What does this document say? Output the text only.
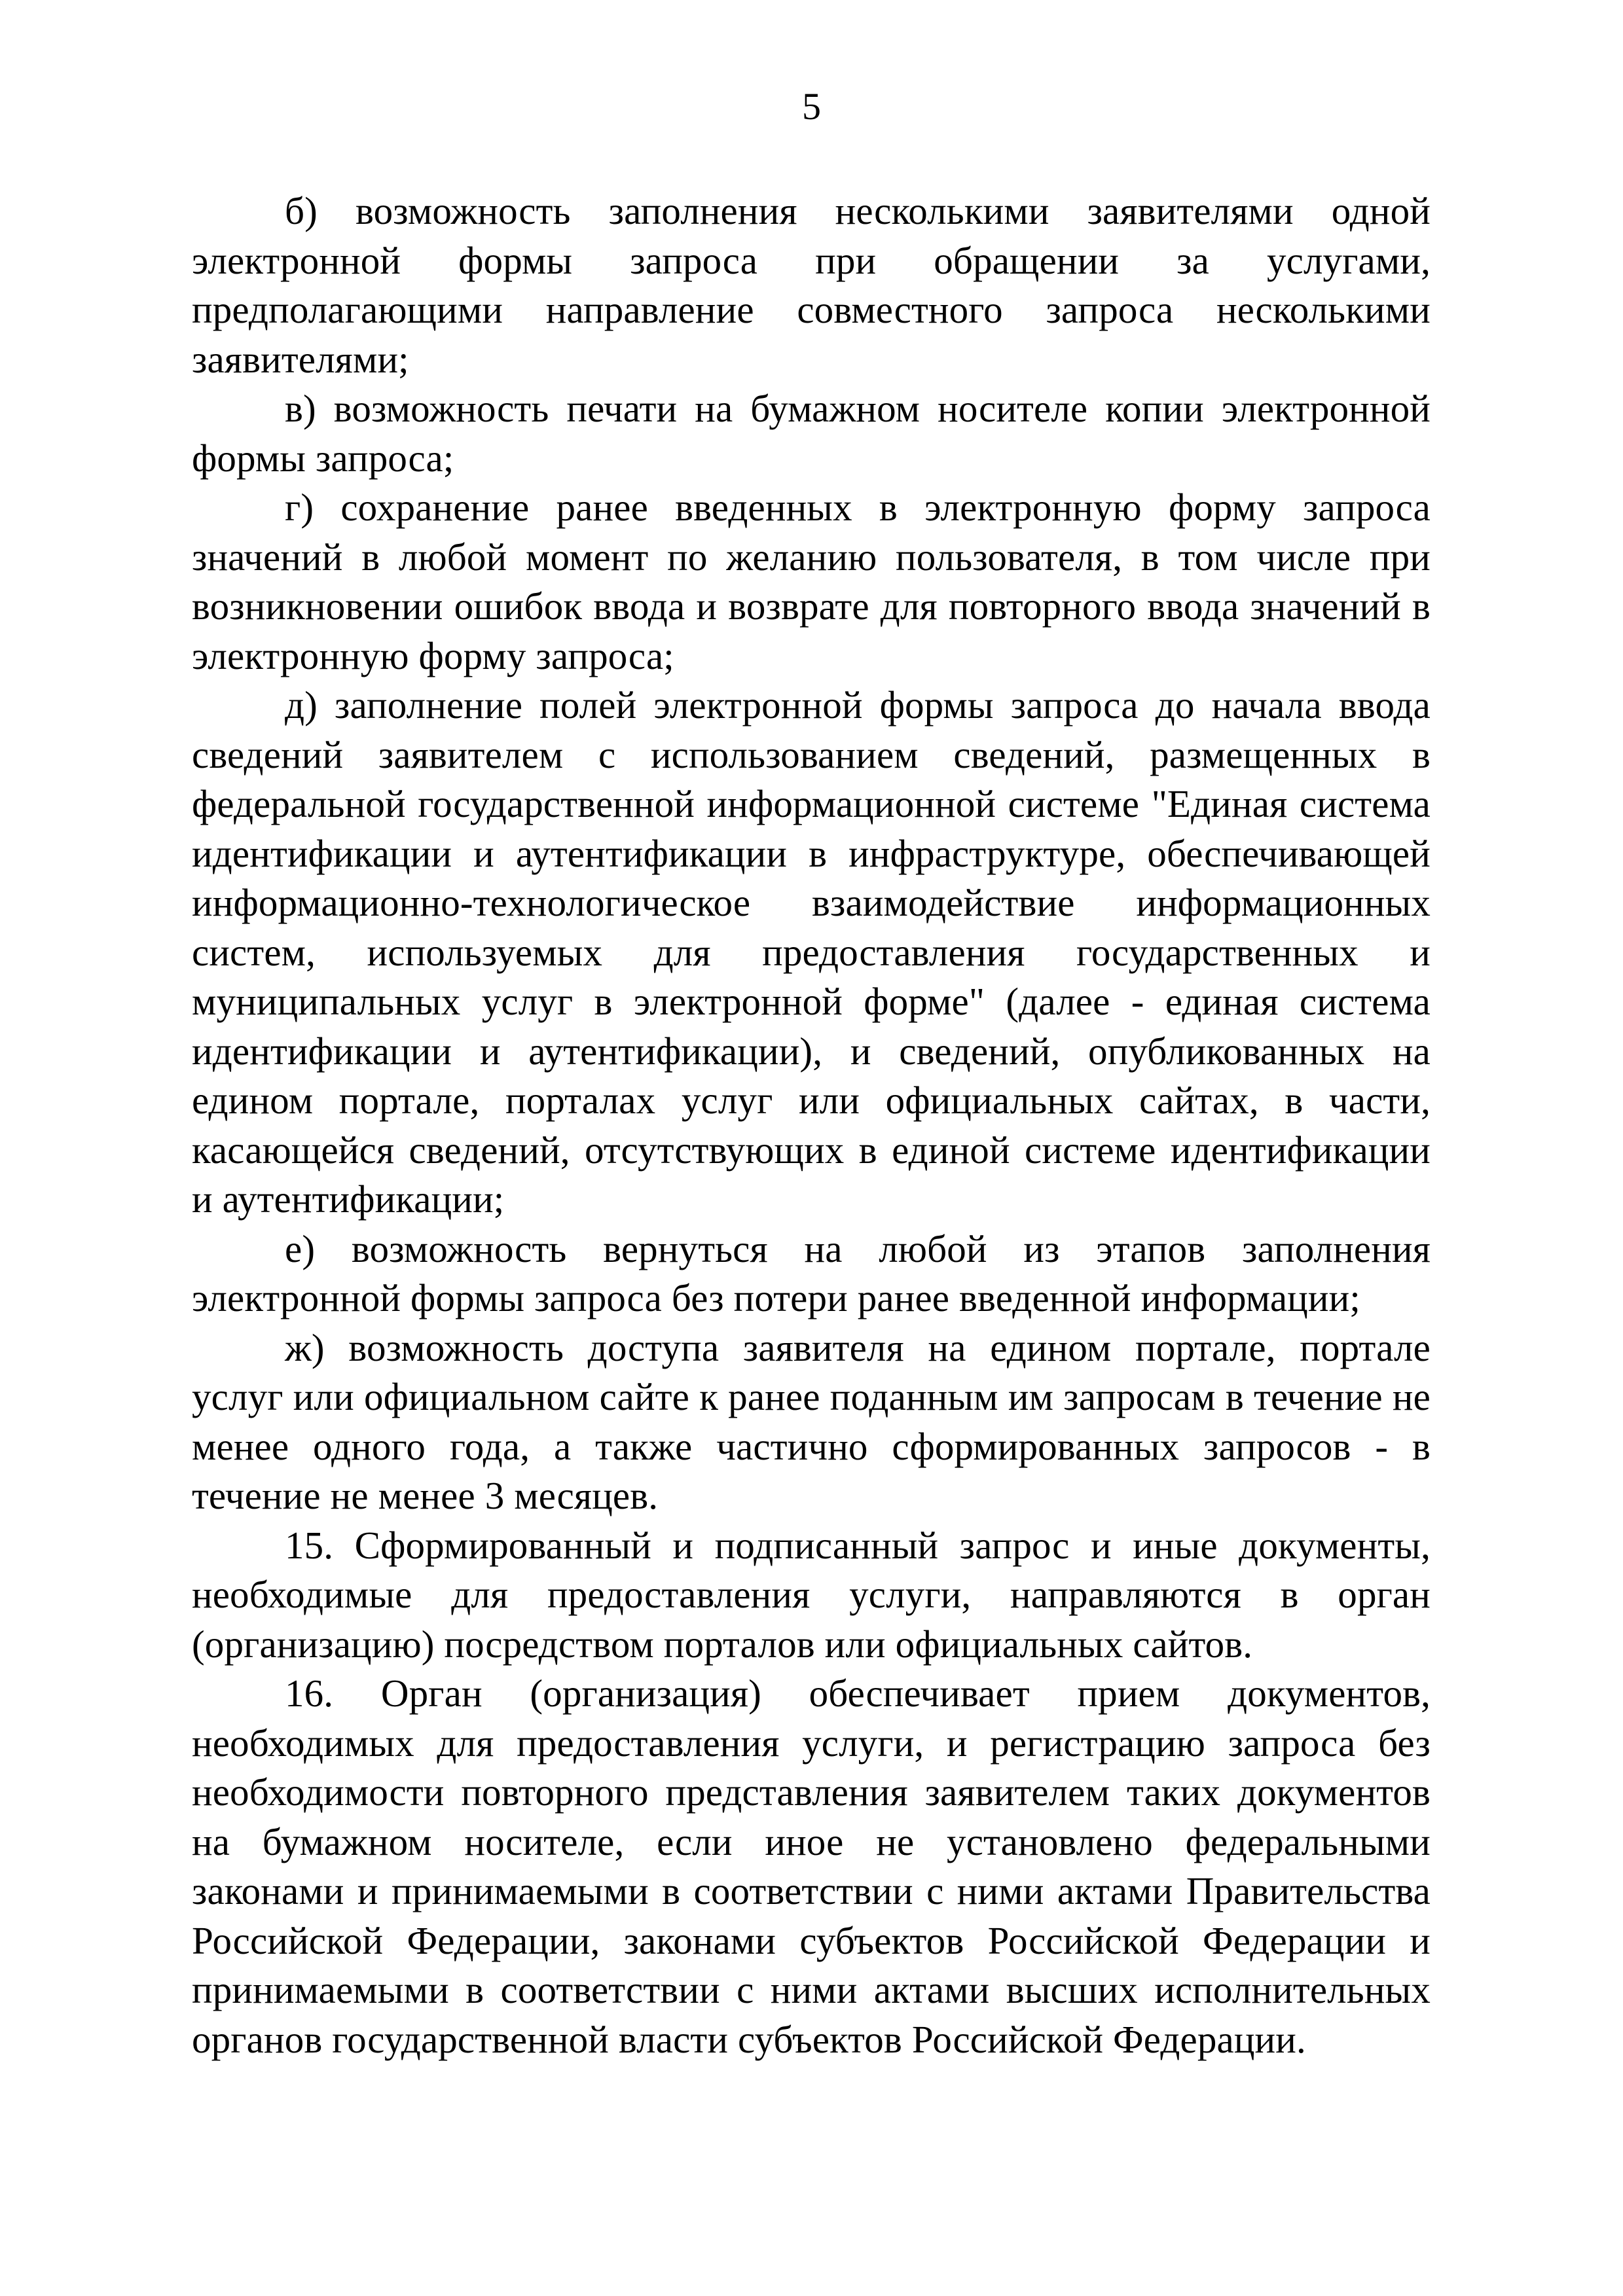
5

б) возможность заполнения несколькими заявителями одной электронной формы запроса при обращении за услугами, предполагающими направление совместного запроса несколькими заявителями;

в) возможность печати на бумажном носителе копии электронной формы запроса;

г) сохранение ранее введенных в электронную форму запроса значений в любой момент по желанию пользователя, в том числе при возникновении ошибок ввода и возврате для повторного ввода значений в электронную форму запроса;

д) заполнение полей электронной формы запроса до начала ввода сведений заявителем с использованием сведений, размещенных в федеральной государственной информационной системе "Единая система идентификации и аутентификации в инфраструктуре, обеспечивающей информационно-технологическое взаимодействие информационных систем, используемых для предоставления государственных и муниципальных услуг в электронной форме" (далее - единая система идентификации и аутентификации), и сведений, опубликованных на едином портале, порталах услуг или официальных сайтах, в части, касающейся сведений, отсутствующих в единой системе идентификации и аутентификации;

е) возможность вернуться на любой из этапов заполнения электронной формы запроса без потери ранее введенной информации;

ж) возможность доступа заявителя на едином портале, портале услуг или официальном сайте к ранее поданным им запросам в течение не менее одного года, а также частично сформированных запросов - в течение не менее 3 месяцев.

15. Сформированный и подписанный запрос и иные документы, необходимые для предоставления услуги, направляются в орган (организацию) посредством порталов или официальных сайтов.

16. Орган (организация) обеспечивает прием документов, необходимых для предоставления услуги, и регистрацию запроса без необходимости повторного представления заявителем таких документов на бумажном носителе, если иное не установлено федеральными законами и принимаемыми в соответствии с ними актами Правительства Российской Федерации, законами субъектов Российской Федерации и принимаемыми в соответствии с ними актами высших исполнительных органов государственной власти субъектов Российской Федерации.
